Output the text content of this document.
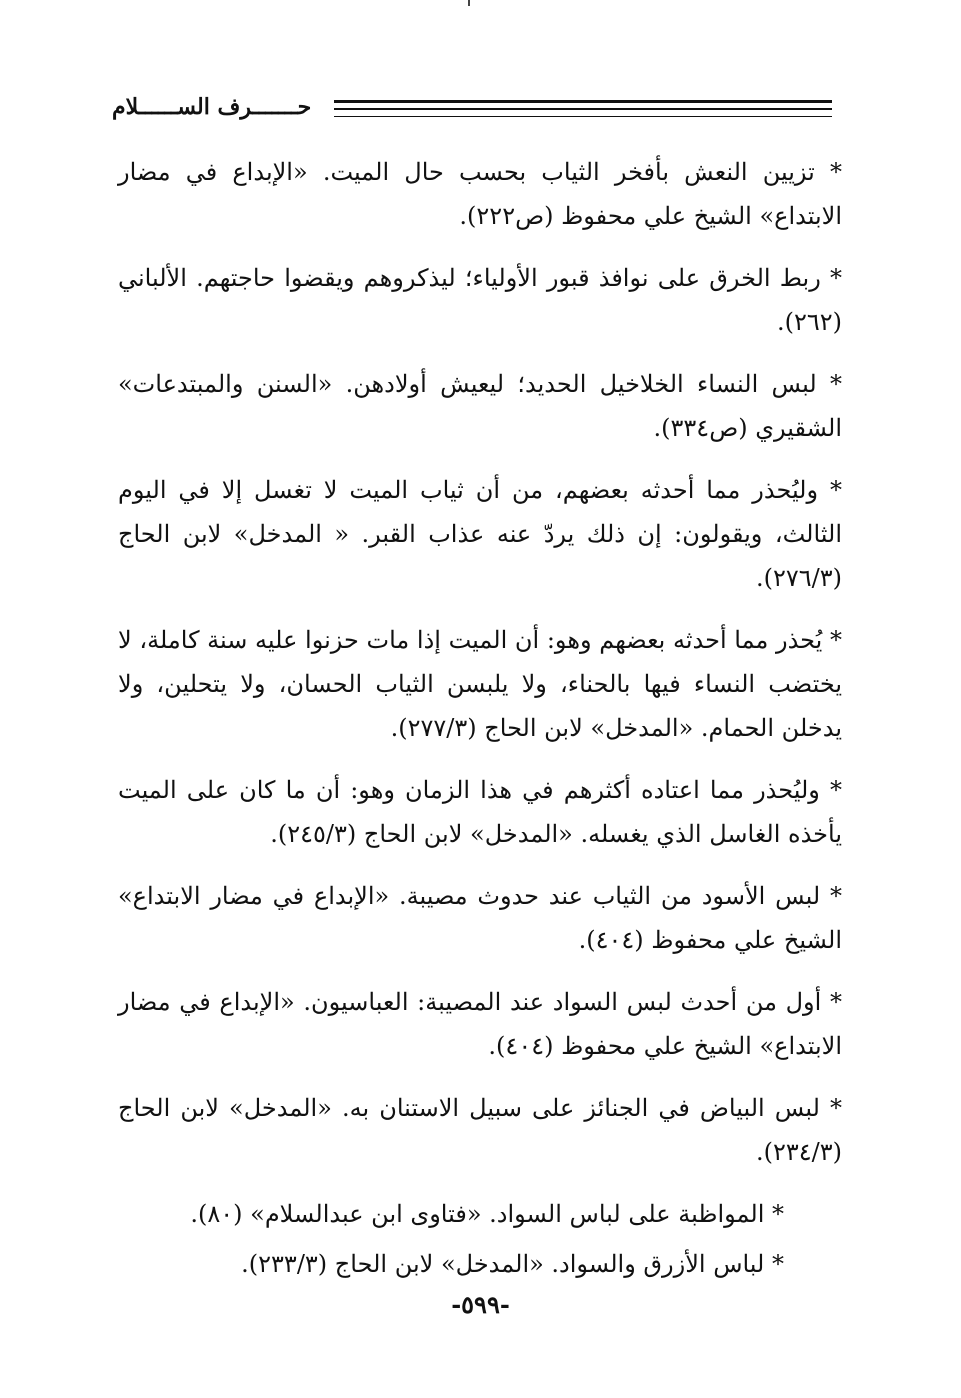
حـــــــرف الســــــلام

* تزيين النعش بأفخر الثياب بحسب حال الميت. «الإبداع في مضار الابتداع» الشيخ علي محفوظ (ص٢٢٢).

* ربط الخرق على نوافذ قبور الأولياء؛ ليذكروهم ويقضوا حاجتهم. الألباني (٢٦٢).

* لبس النساء الخلاخيل الحديد؛ ليعيش أولادهن. «السنن والمبتدعات» الشقيري (ص٣٣٤).

* وليُحذر مما أحدثه بعضهم، من أن ثياب الميت لا تغسل إلا في اليوم الثالث، ويقولون: إن ذلك يردّ عنه عذاب القبر. « المدخل» لابن الحاج (٢٧٦/٣).

* يُحذر مما أحدثه بعضهم وهو: أن الميت إذا مات حزنوا عليه سنة كاملة، لا يختضب النساء فيها بالحناء، ولا يلبسن الثياب الحسان، ولا يتحلين، ولا يدخلن الحمام. «المدخل» لابن الحاج (٢٧٧/٣).

* وليُحذر مما اعتاده أكثرهم في هذا الزمان وهو: أن ما كان على الميت يأخذه الغاسل الذي يغسله. «المدخل» لابن الحاج (٢٤٥/٣).

* لبس الأسود من الثياب عند حدوث مصيبة. «الإبداع في مضار الابتداع» الشيخ علي محفوظ (٤٠٤).

* أول من أحدث لبس السواد عند المصيبة: العباسيون. «الإبداع في مضار الابتداع» الشيخ علي محفوظ (٤٠٤).

* لبس البياض في الجنائز على سبيل الاستنان به. «المدخل» لابن الحاج (٢٣٤/٣).

* المواظبة على لباس السواد. «فتاوى ابن عبدالسلام» (٨٠).

* لباس الأزرق والسواد. «المدخل» لابن الحاج (٢٣٣/٣).

-٥٩٩-
